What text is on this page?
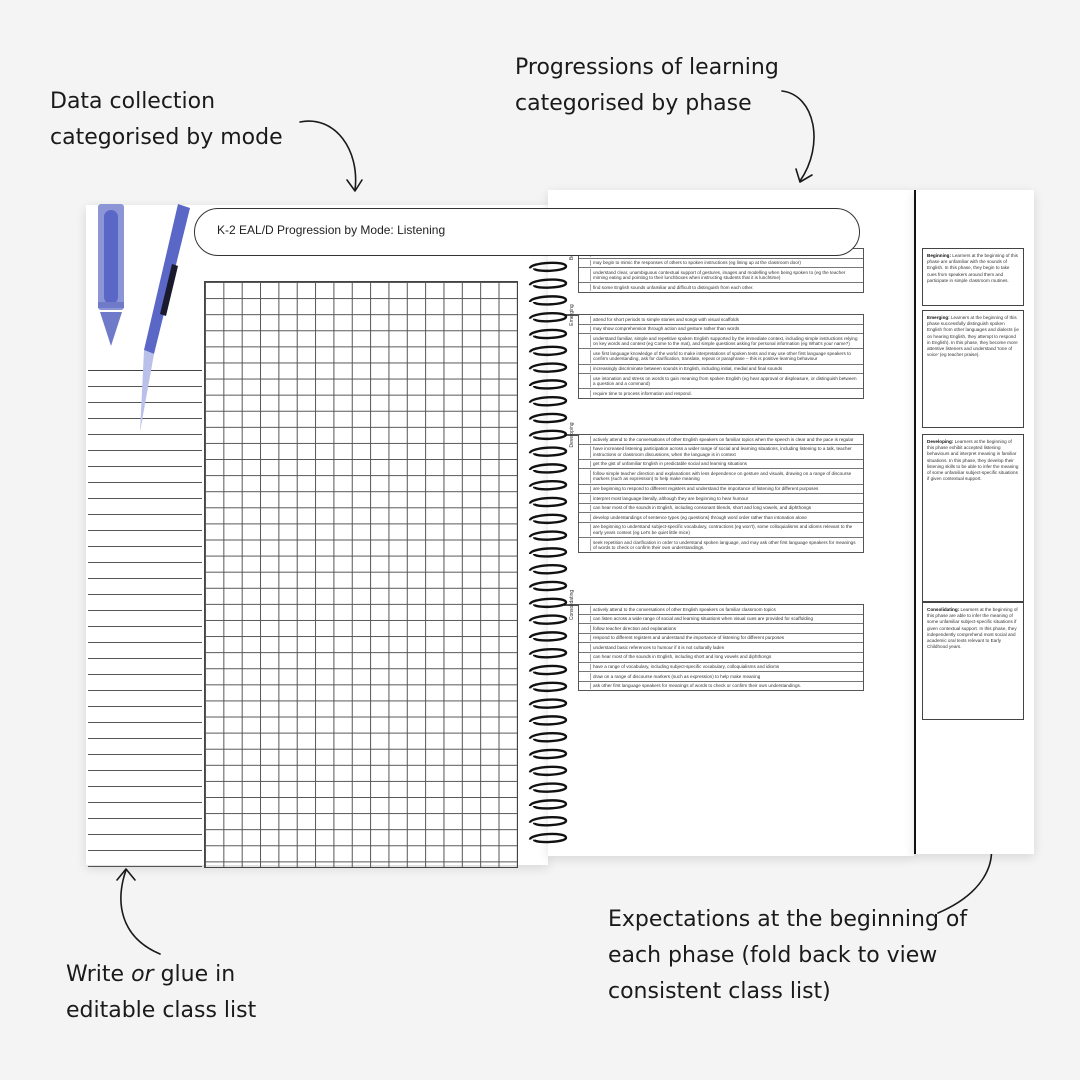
Data collection

categorised by mode

Progressions of learning

categorised by phase

Write or glue in

editable class list

Expectations at the beginning of

each phase (fold back to view

consistent class list)

may begin to mimic the responses of others to spoken instructions (eg lining up at the classroom door)
understand clear, unambiguous contextual support of gestures, images and modelling when being spoken to (eg the teacher miming eating and pointing to their lunchboxes when instructing students that it is lunchtime)
find some English sounds unfamiliar and difficult to distinguish from each other.
Emerging	attend for short periods to simple stories and songs with visual scaffolds
may show comprehension through action and gesture rather than words
understand familiar, simple and repetitive spoken English supported by the immediate context, including simple instructions relying on key words and context (eg Come to the mat), and simple questions asking for personal information (eg What's your name?)
use first language knowledge of the world to make interpretations of spoken texts and may use other first language speakers to confirm understanding, ask for clarification, translate, repeat or paraphrase – this is positive learning behaviour
increasingly discriminate between sounds in English, including initial, medial and final sounds
use intonation and stress on words to gain meaning from spoken English (eg hear approval or displeasure, or distinguish between a question and a command)
require time to process information and respond.
Developing	actively attend to the conversations of other English speakers on familiar topics when the speech is clear and the pace is regular
have increased listening participation across a wider range of social and learning situations, including listening to a talk, teacher instructions or classroom discussions, when the language is in context
get the gist of unfamiliar English in predictable social and learning situations
follow simple teacher direction and explanations with less dependence on gesture and visuals, drawing on a range of discourse markers (such as expression) to help make meaning
are beginning to respond to different registers and understand the importance of listening for different purposes
interpret most language literally, although they are beginning to hear humour
can hear most of the sounds in English, including consonant blends, short and long vowels, and diphthongs
develop understandings of sentence types (eg questions) through word order rather than intonation alone
are beginning to understand subject-specific vocabulary, contractions (eg won't), some colloquialisms and idioms relevant to the early years context (eg Let's be quiet little mice)
seek repetition and clarification in order to understand spoken language, and may ask other first language speakers for meanings of words to check or confirm their own understandings.
Consolidating	actively attend to the conversations of other English speakers on familiar classroom topics
can listen across a wide range of social and learning situations when visual cues are provided for scaffolding
follow teacher direction and explanations
respond to different registers and understand the importance of listening for different purposes
understand basic references to humour if it is not culturally laden
can hear most of the sounds in English, including short and long vowels and diphthongs
have a range of vocabulary, including subject-specific vocabulary, colloquialisms and idioms
draw on a range of discourse markers (such as expression) to help make meaning
ask other first language speakers for meanings of words to check or confirm their own understandings.
Beginning: Learners at the beginning of this phase are unfamiliar with the sounds of English. In this phase, they begin to take cues from speakers around them and participate in simple classroom routines.
Emerging: Learners at the beginning of this phase successfully distinguish spoken English from other languages and dialects (ie on hearing English, they attempt to respond in English). In this phase, they become more attentive listeners and understand 'tone of voice' (eg teacher praise).
Developing: Learners at the beginning of this phase exhibit accepted listening behaviours and interpret meaning in familiar situations. In this phase, they develop their listening skills to be able to infer the meaning of some unfamiliar subject-specific situations if given contextual support.
Consolidating: Learners at the beginning of this phase are able to infer the meaning of some unfamiliar subject-specific situations if given contextual support. In this phase, they independently comprehend most social and academic oral texts relevant to Early Childhood years.
K-2 EAL/D Progression by Mode: Listening
